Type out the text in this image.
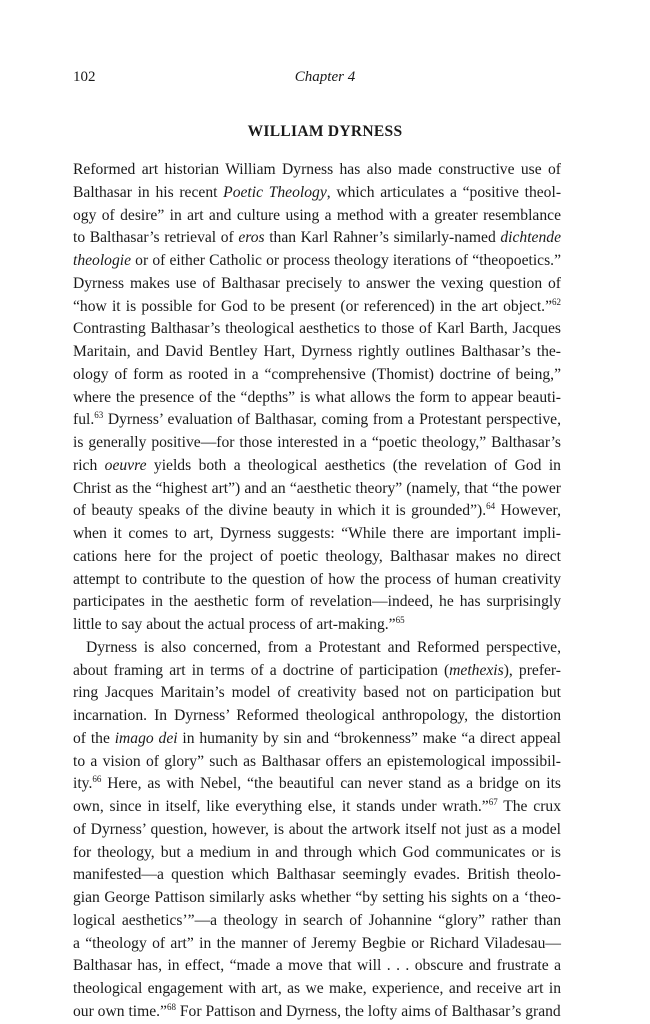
102	Chapter 4
WILLIAM DYRNESS
Reformed art historian William Dyrness has also made constructive use of
Balthasar in his recent Poetic Theology, which articulates a “positive theol-
ogy of desire” in art and culture using a method with a greater resemblance
to Balthasar’s retrieval of eros than Karl Rahner’s similarly-named dichtende
theologie or of either Catholic or process theology iterations of “theopoetics.”
Dyrness makes use of Balthasar precisely to answer the vexing question of
“how it is possible for God to be present (or referenced) in the art object.”$^{62}$
Contrasting Balthasar’s theological aesthetics to those of Karl Barth, Jacques
Maritain, and David Bentley Hart, Dyrness rightly outlines Balthasar’s the-
ology of form as rooted in a “comprehensive (Thomist) doctrine of being,”
where the presence of the “depths” is what allows the form to appear beauti-
ful.$^{63}$ Dyrness’ evaluation of Balthasar, coming from a Protestant perspective,
is generally positive—for those interested in a “poetic theology,” Balthasar’s
rich oeuvre yields both a theological aesthetics (the revelation of God in
Christ as the “highest art”) and an “aesthetic theory” (namely, that “the power
of beauty speaks of the divine beauty in which it is grounded”).$^{64}$ However,
when it comes to art, Dyrness suggests: “While there are important impli-
cations here for the project of poetic theology, Balthasar makes no direct
attempt to contribute to the question of how the process of human creativity
participates in the aesthetic form of revelation—indeed, he has surprisingly
little to say about the actual process of art-making.”$^{65}$
Dyrness is also concerned, from a Protestant and Reformed perspective,
about framing art in terms of a doctrine of participation (methexis), prefer-
ring Jacques Maritain’s model of creativity based not on participation but
incarnation. In Dyrness’ Reformed theological anthropology, the distortion
of the imago dei in humanity by sin and “brokenness” make “a direct appeal
to a vision of glory” such as Balthasar offers an epistemological impossibil-
ity.$^{66}$ Here, as with Nebel, “the beautiful can never stand as a bridge on its
own, since in itself, like everything else, it stands under wrath.”$^{67}$ The crux
of Dyrness’ question, however, is about the artwork itself not just as a model
for theology, but a medium in and through which God communicates or is
manifested—a question which Balthasar seemingly evades. British theolo-
gian George Pattison similarly asks whether “by setting his sights on a ‘theo-
logical aesthetics’”—a theology in search of Johannine “glory” rather than
a “theology of art” in the manner of Jeremy Begbie or Richard Viladesau—
Balthasar has, in effect, “made a move that will . . . obscure and frustrate a
theological engagement with art, as we make, experience, and receive art in
our own time.”$^{68}$ For Pattison and Dyrness, the lofty aims of Balthasar’s grand
